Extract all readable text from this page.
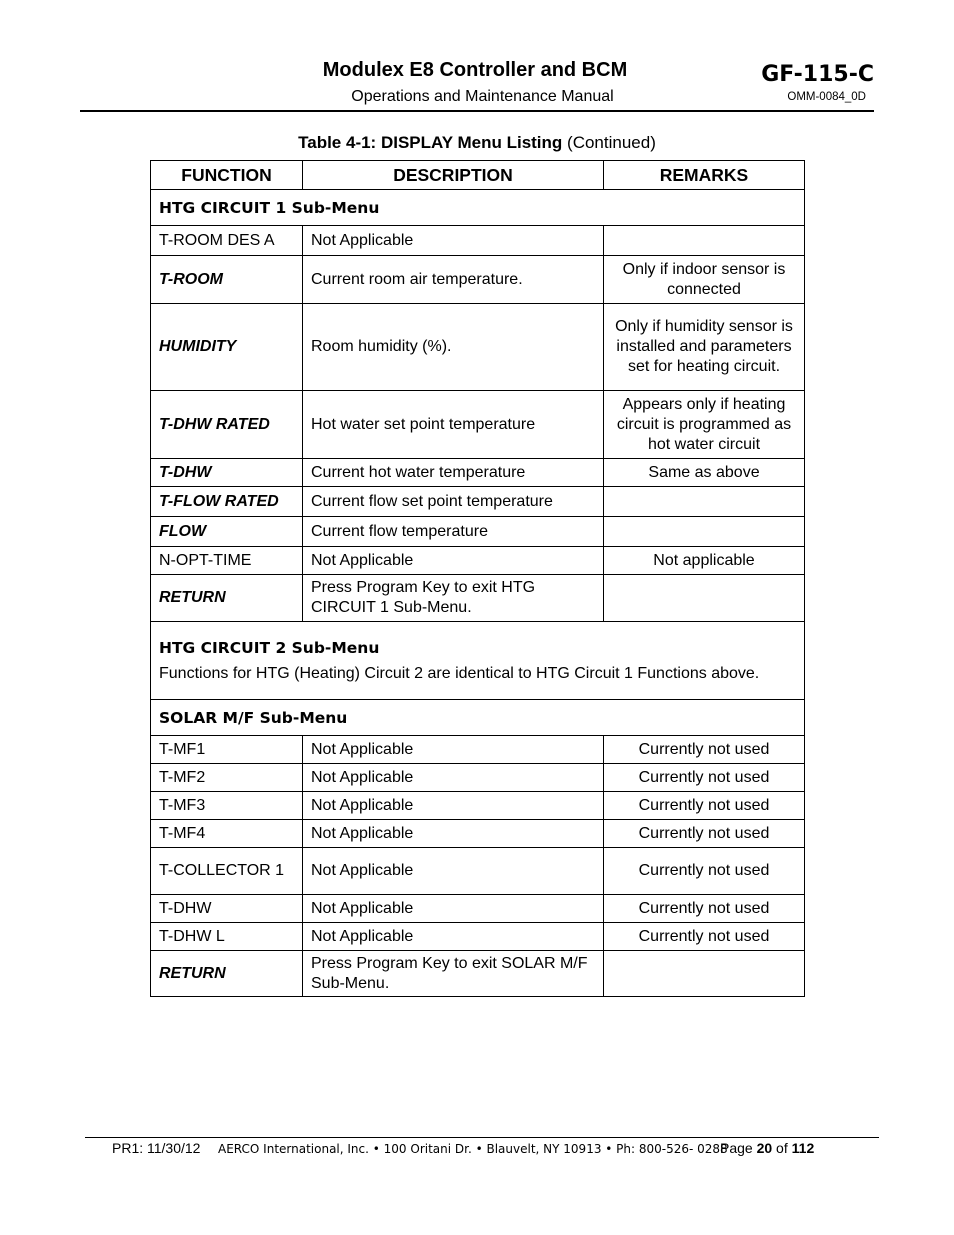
Modulex E8 Controller and BCM
Operations and Maintenance Manual
GF-115-C
OMM-0084_0D
Table 4-1: DISPLAY Menu Listing (Continued)
FUNCTION	DESCRIPTION	REMARKS
HTG CIRCUIT 1 Sub-Menu		
T-ROOM DES A	Not Applicable	
T-ROOM	Current room air temperature.	Only if indoor sensor is connected
HUMIDITY	Room humidity (%).	Only if humidity sensor is installed and parameters set for heating circuit.
T-DHW RATED	Hot water set point temperature	Appears only if heating circuit is programmed as hot water circuit
T-DHW	Current hot water temperature	Same as above
T-FLOW RATED	Current flow set point temperature	
FLOW	Current flow temperature	
N-OPT-TIME	Not Applicable	Not applicable
RETURN	Press Program Key to exit HTG CIRCUIT 1 Sub-Menu.	
HTG CIRCUIT 2 Sub-Menu
Functions for HTG (Heating) Circuit 2 are identical to HTG Circuit 1 Functions above.		

SOLAR M/F Sub-Menu		
T-MF1	Not Applicable	Currently not used
T-MF2	Not Applicable	Currently not used
T-MF3	Not Applicable	Currently not used
T-MF4	Not Applicable	Currently not used
T-COLLECTOR 1	Not Applicable	Currently not used
T-DHW	Not Applicable	Currently not used
T-DHW L	Not Applicable	Currently not used
RETURN	Press Program Key to exit SOLAR M/F Sub-Menu.	
PR1: 11/30/12 AERCO International, Inc. • 100 Oritani Dr. • Blauvelt, NY 10913 • Ph: 800-526- 0288
Page 20 of 112
